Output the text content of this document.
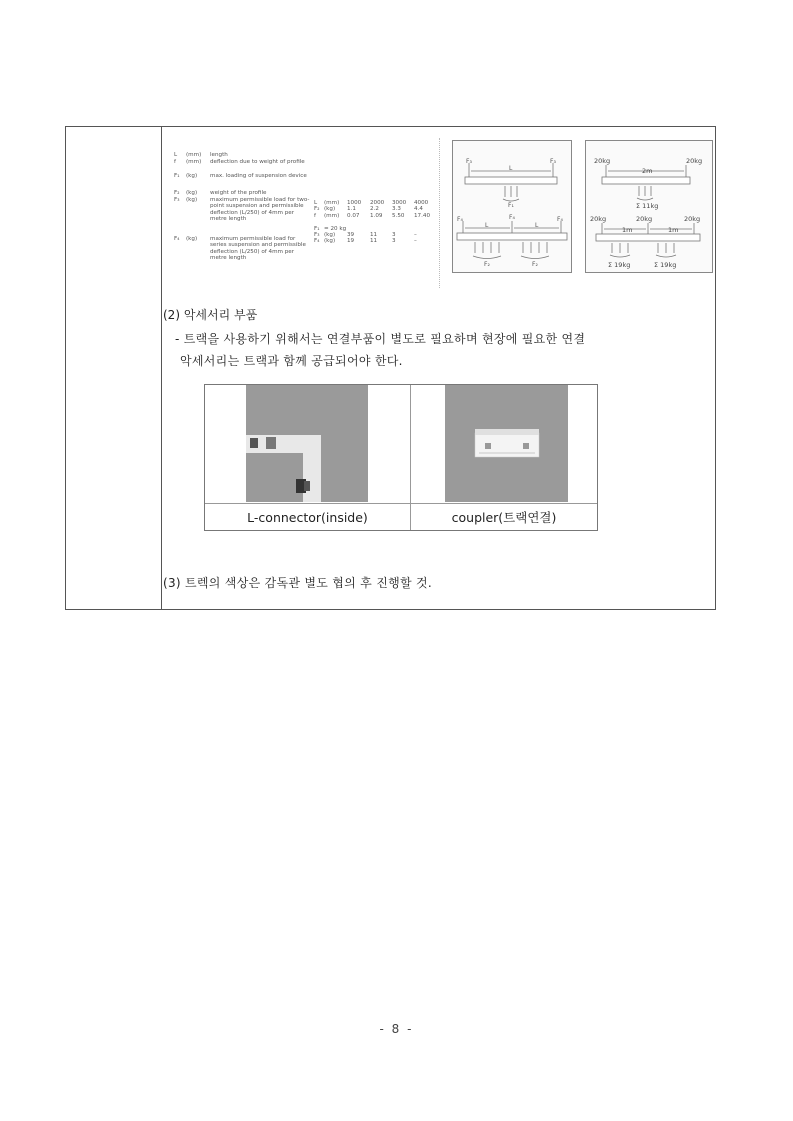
L	(mm)	length
f	(mm)	deflection due to weight of profile
F₁	(kg)	max. loading of suspension device
F₂	(kg)	weight of the profile
F₃	(kg)	maximum permissible load for two-point suspension and permissible deflection (L/250) of 4mm per metre length
F₄	(kg)	maximum permissible load for series suspension and permissible deflection (L/250) of 4mm per metre length
L (mm) 1000 2000 3000 4000
F₂ (kg) 1.1	2.2 3.3 4.4
f (mm) 0.07 1.09 5.50 17.40
F₁ = 20 kg
F₃ (kg) 39	11	3	–
F₄ (kg) 19	11	3	–
F₃	F₃
L
F₁
F₄	F₄	F₄
L	L
F₂	F₂
20kg	20kg
2m
Σ 11kg
20kg	20kg	20kg
1m	1m
Σ 19kg	Σ 19kg
(2) 악세서리 부품
- 트랙을 사용하기 위해서는 연결부품이 별도로 필요하며 현장에 필요한 연결
악세서리는 트랙과 함께 공급되어야 한다.
L-connector(inside)	coupler(트랙연결)
(3) 트렉의 색상은 감독관 별도 협의 후 진행할 것.
- 8 -
